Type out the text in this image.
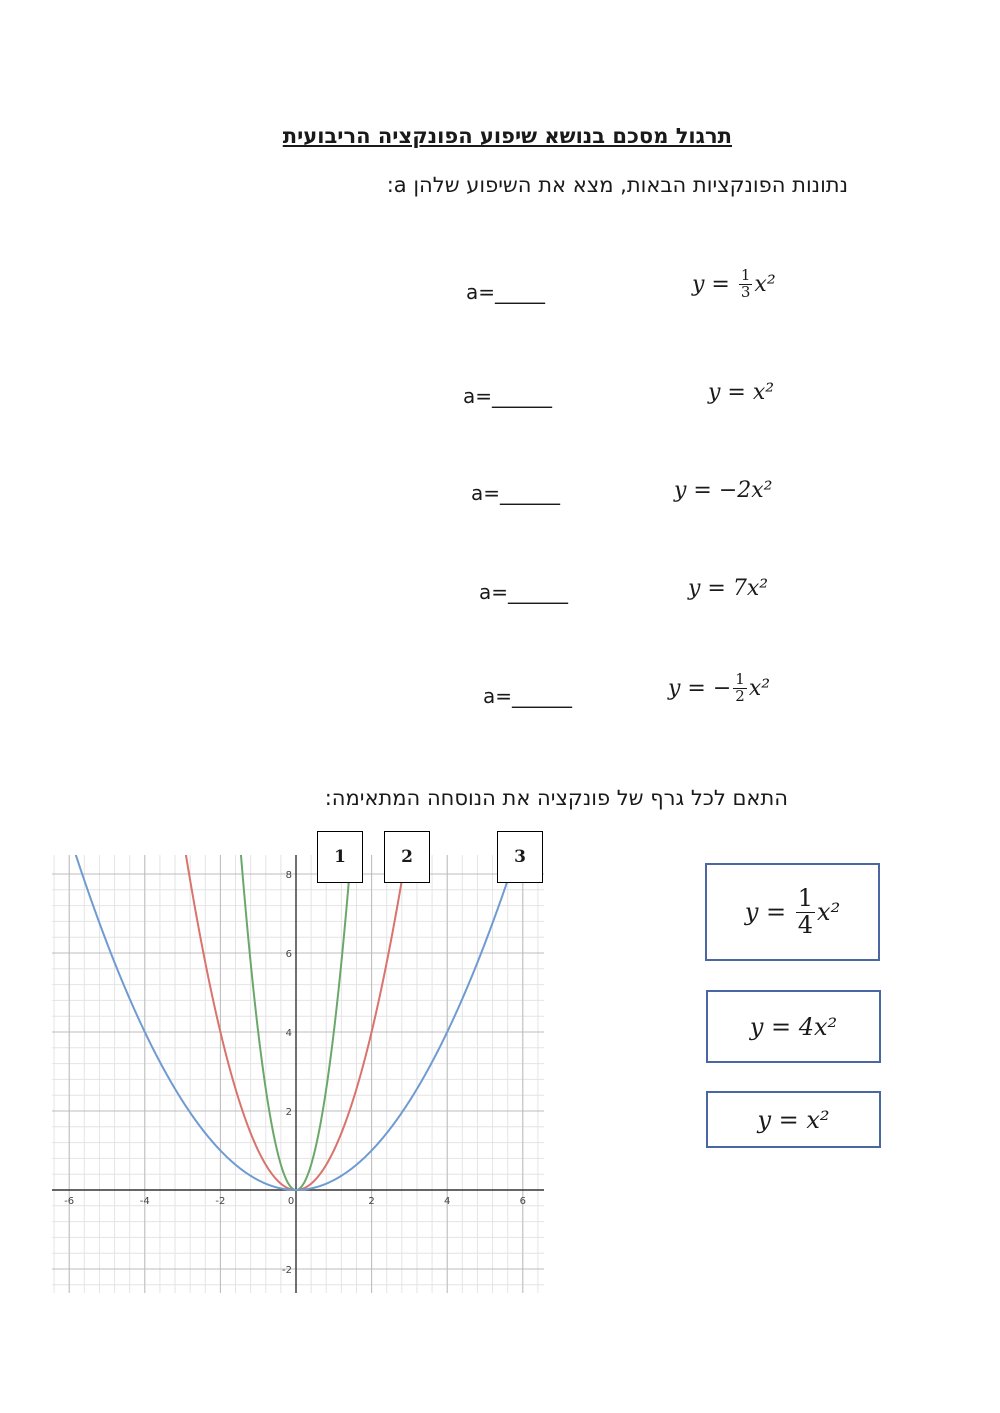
תרגול מסכם בנושא שיפוע הפונקציה הריבועית
נתונות הפונקציות הבאות, מצא את השיפוע שלהן a:
$y = \frac{1}{3} x^2$
a=_____
y = x²
a=______
y = −2x²
a=______
y = 7x²
a=______
y = − $\frac{1}{2} x^2$
a=______
התאם לכל גרף של פונקציה את הנוסחה המתאימה:
-6	-4	-2	0	2	4	6
-2
2
4
6
8
1	2	3
$y = \frac{1}{4} x^2$
y = 4x²
y = x²
